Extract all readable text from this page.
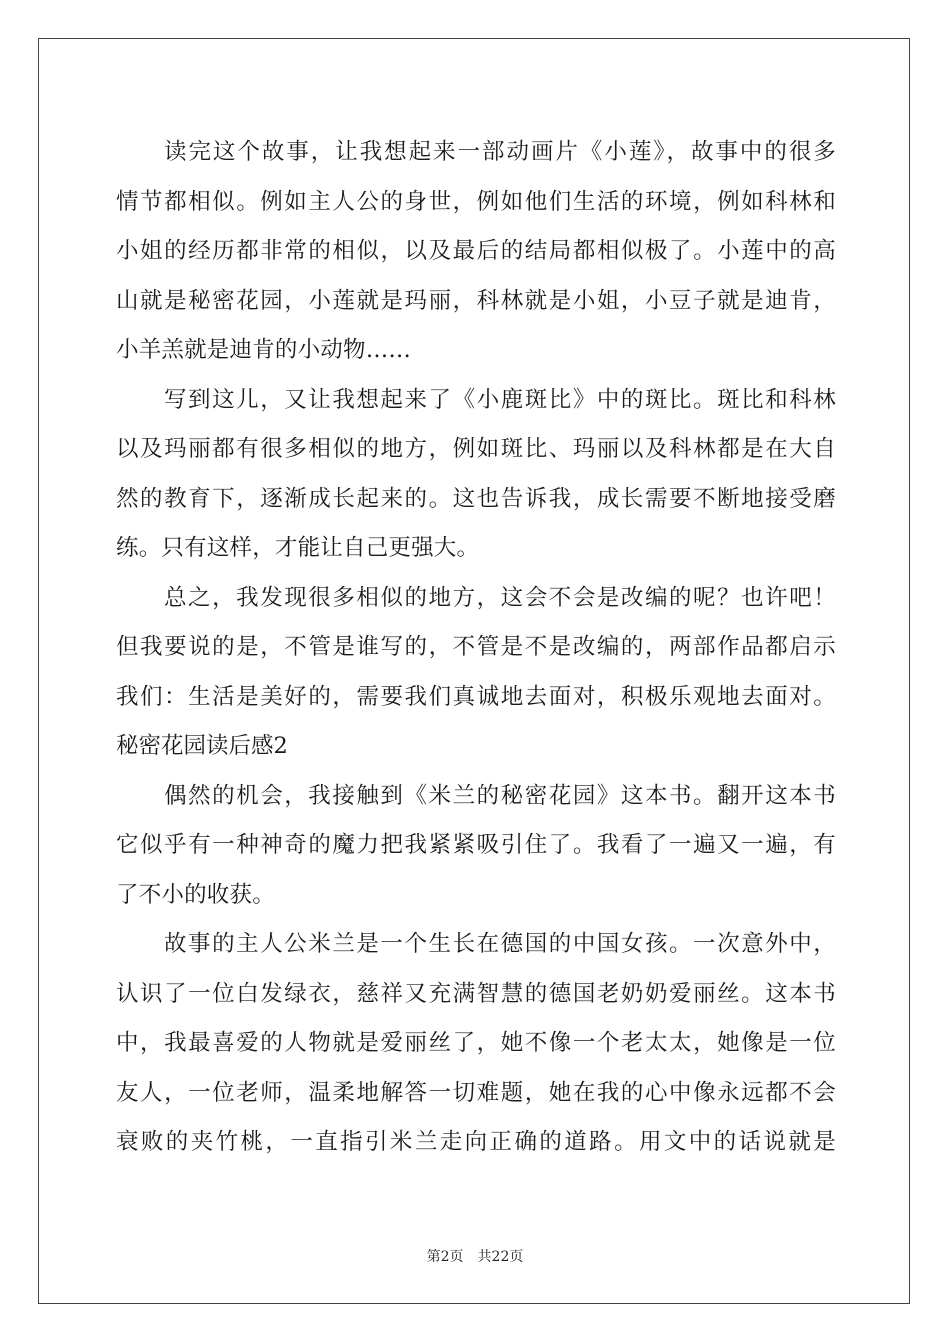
读完这个故事，让我想起来一部动画片《小莲》，故事中的很多
情节都相似。例如主人公的身世，例如他们生活的环境，例如科林和
小姐的经历都非常的相似，以及最后的结局都相似极了。小莲中的高
山就是秘密花园，小莲就是玛丽，科林就是小姐，小豆子就是迪肯，
小羊羔就是迪肯的小动物……
写到这儿，又让我想起来了《小鹿斑比》中的斑比。斑比和科林
以及玛丽都有很多相似的地方，例如斑比、玛丽以及科林都是在大自
然的教育下，逐渐成长起来的。这也告诉我，成长需要不断地接受磨
练。只有这样，才能让自己更强大。
总之，我发现很多相似的地方，这会不会是改编的呢？也许吧！
但我要说的是，不管是谁写的，不管是不是改编的，两部作品都启示
我们：生活是美好的，需要我们真诚地去面对，积极乐观地去面对。
秘密花园读后感2
偶然的机会，我接触到《米兰的秘密花园》这本书。翻开这本书
它似乎有一种神奇的魔力把我紧紧吸引住了。我看了一遍又一遍，有
了不小的收获。
故事的主人公米兰是一个生长在德国的中国女孩。一次意外中，
认识了一位白发绿衣，慈祥又充满智慧的德国老奶奶爱丽丝。这本书
中，我最喜爱的人物就是爱丽丝了，她不像一个老太太，她像是一位
友人，一位老师，温柔地解答一切难题，她在我的心中像永远都不会
衰败的夹竹桃，一直指引米兰走向正确的道路。用文中的话说就是
第2页　共22页
